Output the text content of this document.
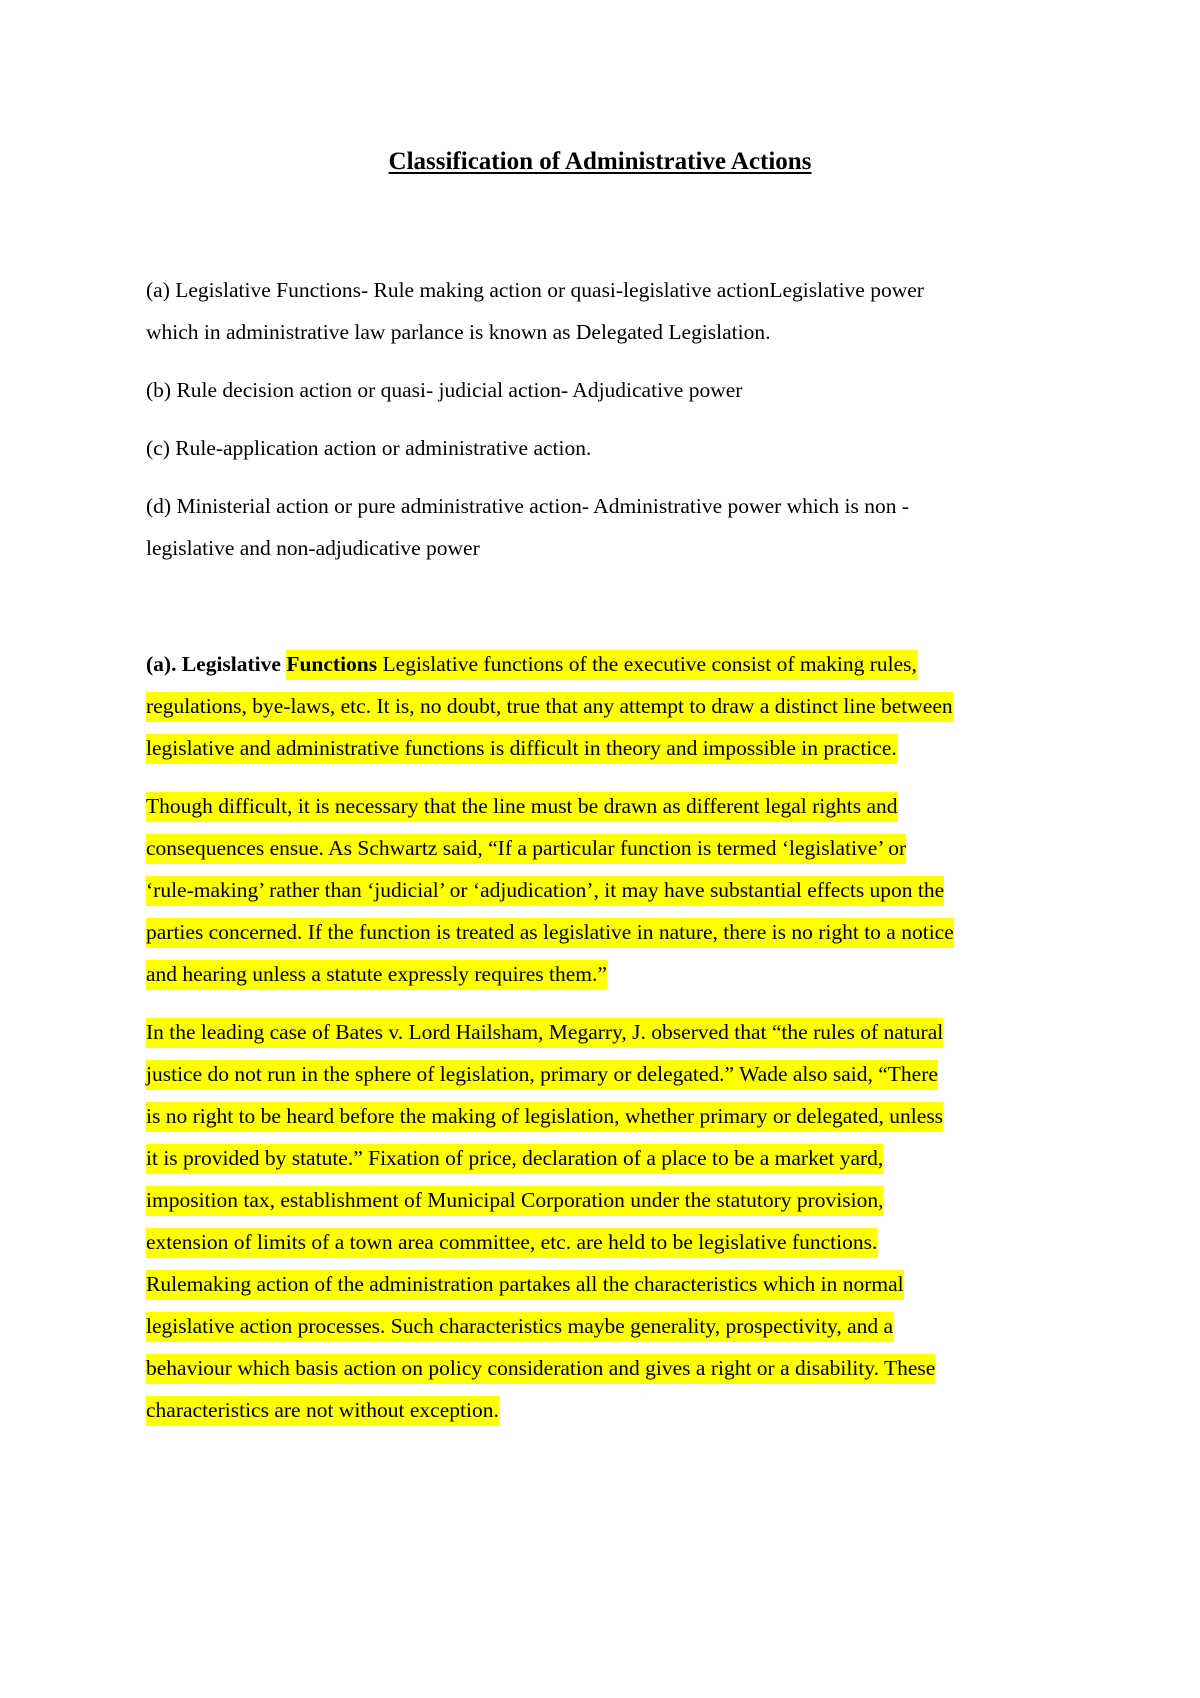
Classification of Administrative Actions
(a) Legislative Functions- Rule making action or quasi-legislative actionLegislative power
which in administrative law parlance is known as Delegated Legislation.
(b) Rule decision action or quasi- judicial action- Adjudicative power
(c) Rule-application action or administrative action.
(d) Ministerial action or pure administrative action- Administrative power which is non -
legislative and non-adjudicative power
(a). Legislative Functions Legislative functions of the executive consist of making rules,
regulations, bye-laws, etc. It is, no doubt, true that any attempt to draw a distinct line between
legislative and administrative functions is difficult in theory and impossible in practice.
Though difficult, it is necessary that the line must be drawn as different legal rights and
consequences ensue. As Schwartz said, “If a particular function is termed ‘legislative’ or
‘rule-making’ rather than ‘judicial’ or ‘adjudication’, it may have substantial effects upon the
parties concerned. If the function is treated as legislative in nature, there is no right to a notice
and hearing unless a statute expressly requires them.”
In the leading case of Bates v. Lord Hailsham, Megarry, J. observed that “the rules of natural
justice do not run in the sphere of legislation, primary or delegated.” Wade also said, “There
is no right to be heard before the making of legislation, whether primary or delegated, unless
it is provided by statute.” Fixation of price, declaration of a place to be a market yard,
imposition tax, establishment of Municipal Corporation under the statutory provision,
extension of limits of a town area committee, etc. are held to be legislative functions.
Rulemaking action of the administration partakes all the characteristics which in normal
legislative action processes. Such characteristics maybe generality, prospectivity, and a
behaviour which basis action on policy consideration and gives a right or a disability. These
characteristics are not without exception.
